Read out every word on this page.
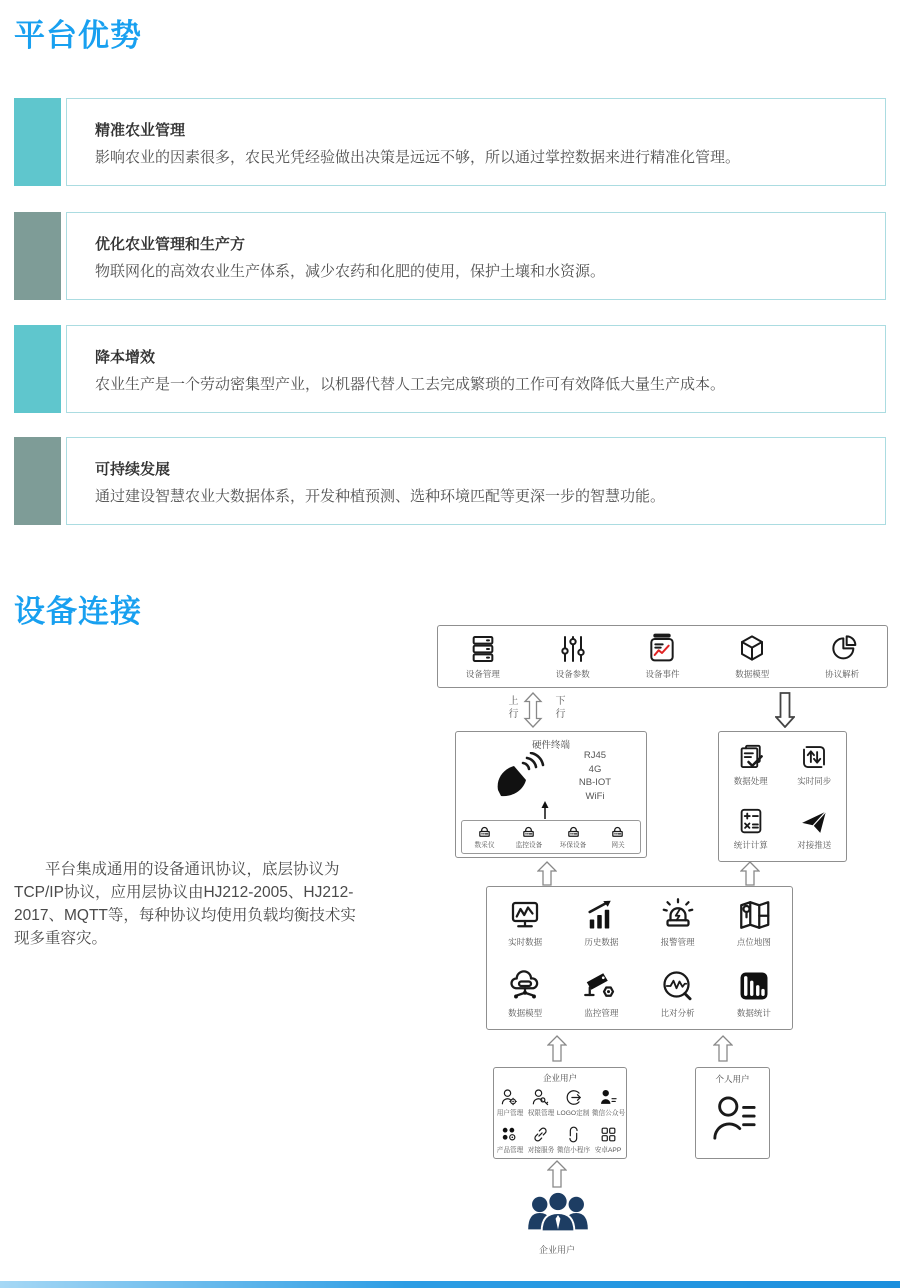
平台优势
精准农业管理

影响农业的因素很多，农民光凭经验做出决策是远远不够，所以通过掌控数据来进行精准化管理。

优化农业管理和生产方

物联网化的高效农业生产体系，减少农药和化肥的使用，保护土壤和水资源。

降本增效

农业生产是一个劳动密集型产业，以机器代替人工去完成繁琐的工作可有效降低大量生产成本。

可持续发展

通过建设智慧农业大数据体系，开发种植预测、选种环境匹配等更深一步的智慧功能。

设备连接
平台集成通用的设备通讯协议，底层协议为TCP/IP协议，应用层协议由HJ212-2005、HJ212-2017、MQTT等，每种协议均使用负载均衡技术实现多重容灾。
设备管理	设备参数	设备事件	数据模型	协议解析
上行	下行
硬件终端
RJ45
4G
NB-IOT
WiFi
数采仪	监控设备	环保设备	网关
数据处理	实时同步
统计计算	对接推送
实时数据	历史数据	报警管理	点位地图
数据模型	监控管理	比对分析	数据统计
企业用户
用户管理 权限管理 LOGO定制 微信公众号
产品管理 对接服务 微信小程序 安卓APP
个人用户
企业用户
